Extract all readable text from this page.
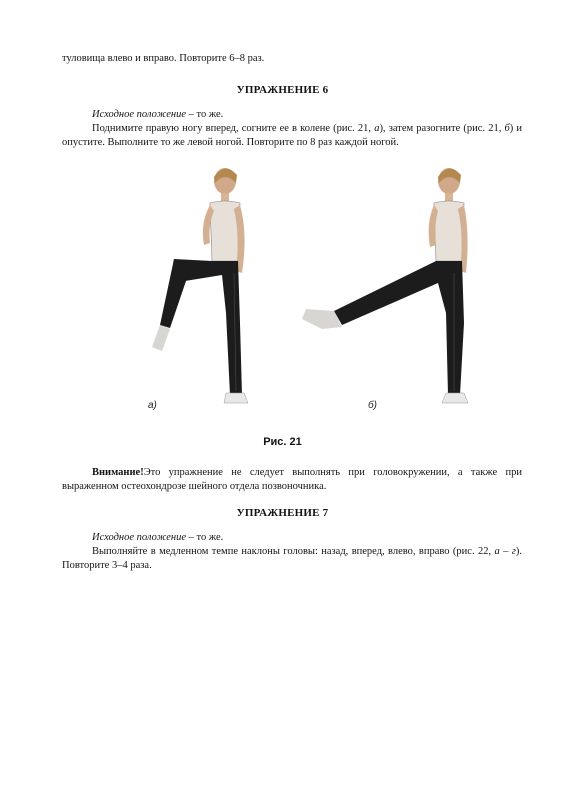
туловища влево и вправо. Повторите 6–8 раз.
УПРАЖНЕНИЕ 6
Исходное положение – то же.
Поднимите правую ногу вперед, согните ее в колене (рис. 21, а), затем разогните (рис. 21, б) и опустите. Выполните то же левой ногой. Повторите по 8 раз каждой ногой.
а)	б)
Рис. 21
Внимание!Это упражнение не следует выполнять при головокружении, а также при выраженном остеохондрозе шейного отдела позвоночника.
УПРАЖНЕНИЕ 7
Исходное положение – то же.
Выполняйте в медленном темпе наклоны головы: назад, вперед, влево, вправо (рис. 22, а – г). Повторите 3–4 раза.
